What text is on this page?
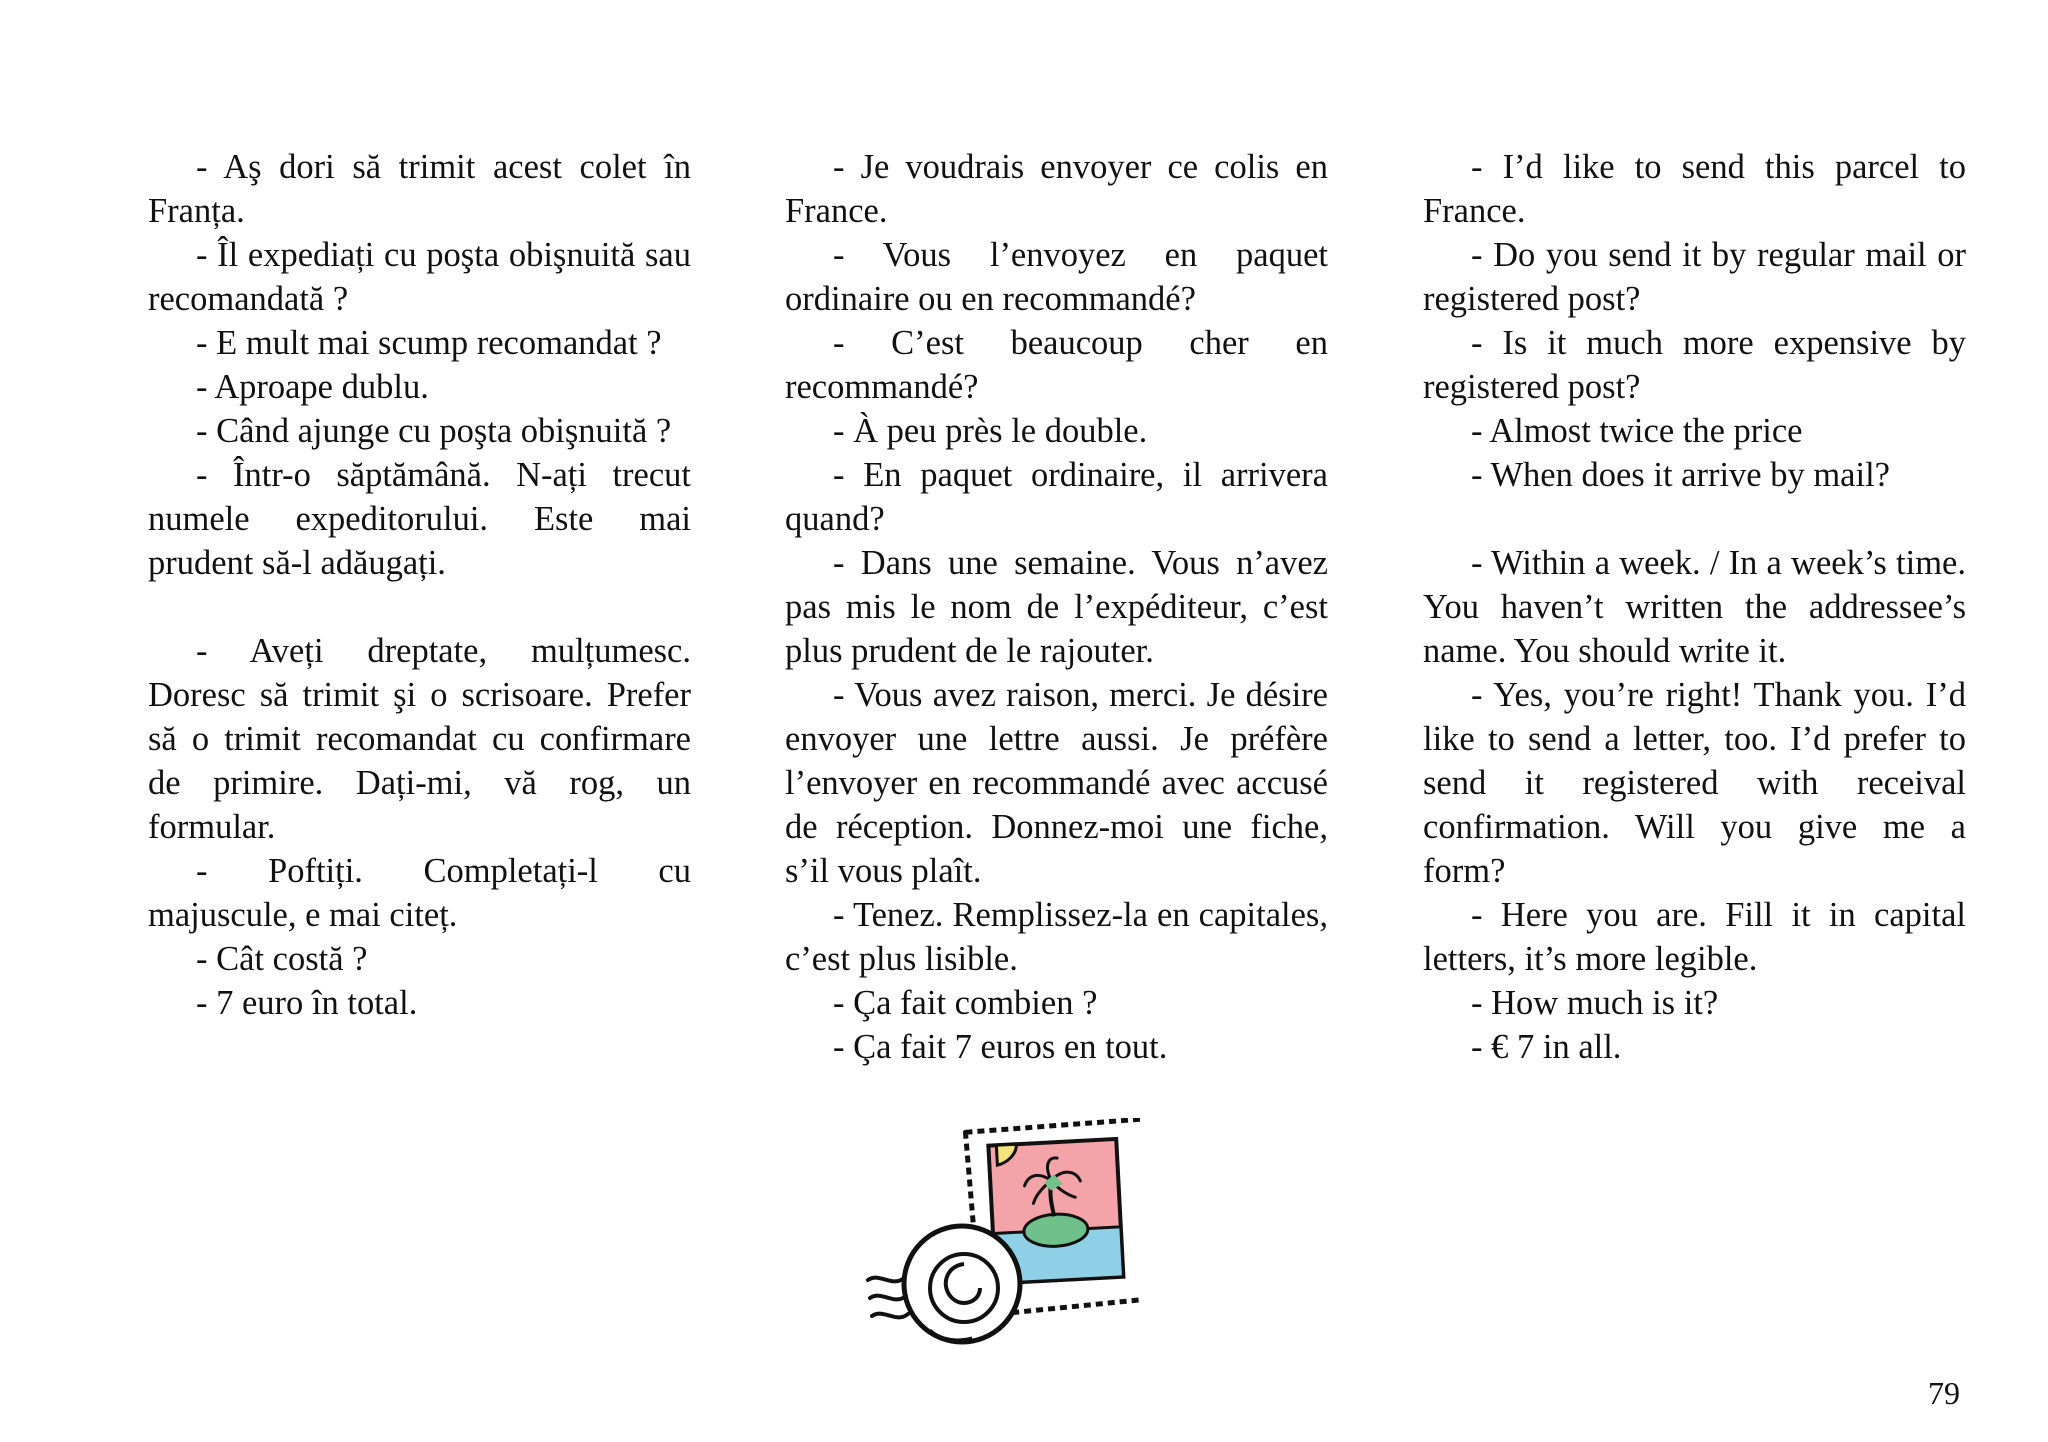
- Aş dori să trimit acest colet în Franța.

- Îl expediați cu poşta obişnuită sau recomandată ?

- E mult mai scump recomandat ?

- Aproape dublu.

- Când ajunge cu poşta obişnuită ?

- Într-o săptămână. N-ați trecut numele expeditorului. Este mai prudent să-l adăugați.

- Aveți dreptate, mulțumesc. Doresc să trimit şi o scrisoare. Prefer să o trimit recomandat cu confirmare de primire. Dați-mi, vă rog, un formular.

- Poftiți. Completați-l cu majuscule, e mai citeț.

- Cât costă ?

- 7 euro în total.

- Je voudrais envoyer ce colis en France.

- Vous l’envoyez en paquet ordinaire ou en recommandé?

- C’est beaucoup cher en recommandé?

- À peu près le double.

- En paquet ordinaire, il arrivera quand?

- Dans une semaine. Vous n’avez pas mis le nom de l’expéditeur, c’est plus prudent de le rajouter.

- Vous avez raison, merci. Je désire envoyer une lettre aussi. Je préfère l’envoyer en recommandé avec accusé de réception. Donnez-moi une fiche, s’il vous plaît.

- Tenez. Remplissez-la en capitales, c’est plus lisible.

- Ça fait combien ?

- Ça fait 7 euros en tout.

- I’d like to send this parcel to France.

- Do you send it by regular mail or registered post?

- Is it much more expensive by registered post?

- Almost twice the price

- When does it arrive by mail?

- Within a week. / In a week’s time. You haven’t written the addressee’s name. You should write it.

- Yes, you’re right! Thank you. I’d like to send a letter, too. I’d prefer to send it registered with receival confirmation. Will you give me a form?

- Here you are. Fill it in capital letters, it’s more legible.

- How much is it?

- € 7 in all.

79
